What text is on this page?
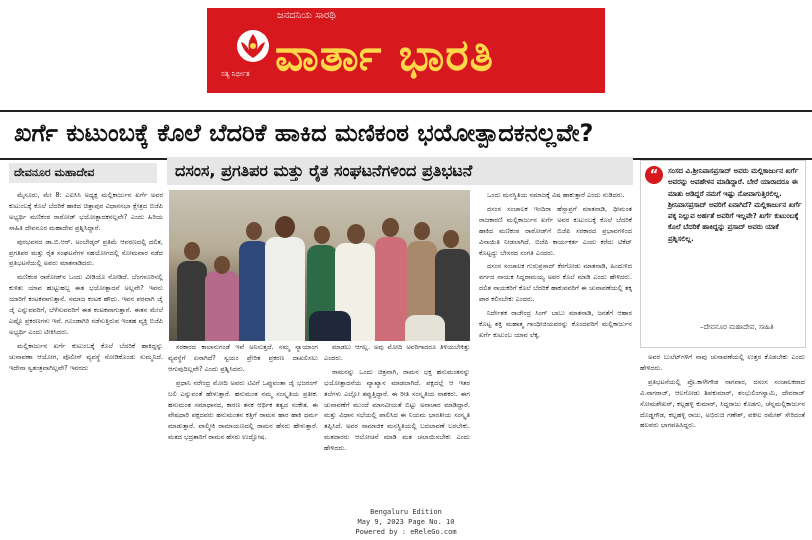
ಸತ್ಯ ನಿರ್ಭೀತ
ಜನದನಿಯ ಸಾರಥಿ
ವಾರ್ತಾ ಭಾರತಿ
ಖರ್ಗೆ ಕುಟುಂಬಕ್ಕೆ ಕೊಲೆ ಬೆದರಿಕೆ ಹಾಕಿದ ಮಣಿಕಂಠ ಭಯೋತ್ಪಾದಕನಲ್ಲವೇ?
ದೇವನೂರ ಮಹಾದೇವ	ದಸಂಸ, ಪ್ರಗತಿಪರ ಮತ್ತು ರೈತ ಸಂಘಟನೆಗಳಿಂದ ಪ್ರತಿಭಟನೆ

ಮೈಸೂರು, ಮೇ 8: ಎಐಸಿಸಿ ಅಧ್ಯಕ್ಷ ಮಲ್ಲಿಕಾರ್ಜುನ ಖರ್ಗೆ ಅವರ ಕುಟುಂಬಕ್ಕೆ ಕೊಲೆ ಬೆದರಿಕೆ ಹಾಕಿದ ಚಿತ್ತಾಪುರ ವಿಧಾನಸಭಾ ಕ್ಷೇತ್ರದ ಬಿಜೆಪಿ ಅಭ್ಯರ್ಥಿ ಮಣಿಕಂಠ ರಾಠೋಡ್ ಭಯೋತ್ಪಾದಕನಲ್ಲವೇ? ಎಂದು ಹಿರಿಯ ಸಾಹಿತಿ ದೇವನೂರ ಮಹಾದೇವ ಪ್ರಶ್ನಿಸಿದ್ದಾರೆ.

ಪುರಭವನದ ಡಾ.ಬಿ.ಆರ್. ಅಂಬೇಡ್ಕರ್ ಪ್ರತಿಮೆ ಆವರಣದಲ್ಲಿ ದಲಿತ, ಪ್ರಗತಿಪರ ಮತ್ತು ರೈತ ಸಂಘಟನೆಗಳ ಸಹಯೋಗದಲ್ಲಿ ಸೋಮವಾರ ನಡೆದ ಪ್ರತಿಭಟನೆಯಲ್ಲಿ ಅವರು ಮಾತನಾಡಿದರು.

ಮಣಿಕಂಠ ರಾಠೋಡ್‌ನ ಒಂದು ವೀಡಿಯೊ ನೋಡಿದೆ. ಬೆಂಗಳೂರಿನಲ್ಲಿ ಕುಳಿತು ಯಾವ ಹುಟ್ಟುಹಬ್ಬ ಈತ ಭಯೋತ್ಪಾದನೆ ಅಲ್ಲವೇ? ಇವನು ಯಾರಿಗೆ ಕಂಟಕವಾಗುತ್ತಾನೆ. ಸಮಾಜ ಕಂಟಕ ಹೌದು. ಇವನ ಪರವಾಗಿ ಜೈ ಜೈ ಎನ್ನುವವರಿಗೆ, ಬೆಳೆಸುವವರಿಗೆ ಈತ ಕಂಟಕವಾಗುತ್ತಾನೆ. ಈತನ ಮೇಲೆ ಎಷ್ಟೊ ಪ್ರಕರಣಗಳು ಇವೆ. ಗೂಂಡಾಗಿರಿ ನಡೆಸುತ್ತಿರುವ ಇಂತಹ ವ್ಯಕ್ತಿ ಬಿಜೆಪಿ ಅಭ್ಯರ್ಥಿ ಎಂದು ಟೀಕಿಸಿದರು.

ಮಲ್ಲಿಕಾರ್ಜುನ ಖರ್ಗೆ ಕುಟುಂಬಕ್ಕೆ ಕೊಲೆ ಬೆದರಿಕೆ ಹಾಕಿದ್ದನ್ನು ಚುನಾವಣಾ ಆಯೋಗ, ಪೊಲೀಸ್ ವ್ಯವಸ್ಥೆ ನೋಡಿಕೊಂಡು ಸುಮ್ಮನಿದೆ. ಇದೇನಾ ಸ್ವತಂತ್ರವಾಗಿಲ್ಲವೇ? ಇವರದು

ಸರಕಾರದ ಕಾಲಾನುಗಂಡೆ ಇವೆ ಅನಿಸುತ್ತದೆ. ನಮ್ಮ ನ್ಯಾಯಾಂಗ ವ್ಯವಸ್ಥೆಗೆ ಏನಾಗಿದೆ? ಸ್ವಯಂ ಪ್ರೇರಿತ ಪ್ರಕರಣ ದಾಖಲಿಸಲು ಆಗುವುದಿಲ್ಲವೇ? ಎಂದು ಪ್ರಶ್ನಿಸಿದರು.

ಪ್ರಧಾನಿ ನರೇಂದ್ರ ಮೋದಿ ಅವರು ಟಿವಿಗೆ ಒಪ್ಪುವಂತಾ ಜೈ ಭಜರಂಗ್ ಬಲಿ ಎನ್ನುವಂತೆ ಹೇಳುತ್ತಾರೆ. ಹನುಮಂತ ನಮ್ಮ ಸಂಸ್ಕೃತಿಯ ಪ್ರತೀಕ. ಹನುಮಂತ ಸಮಾಧಾನದ, ಕಾರಣ ತನಕ ಆರ್ಥಿಕ ತತ್ವದ ಸಂಕೇತ. ಈ ವೇಷಧಾರಿ ಪಕ್ಷದವರು ಹನುಮಂತನ ಕತ್ತಿಗೆ ರಾಮನ ಹಾರ ಹಾಕಿ ಧರ್ಮ ಮಾಡುತ್ತಾರೆ. ವಾಲ್ಮೀಕಿ ರಾಮಾಯಣದಲ್ಲಿ ರಾಮನ ಹೆಸರು ಹೇಳುತ್ತಾರೆ. ಮತದ ಭದ್ರತಾರಿಗೆ ರಾಮನ ಹೆಸರು ಉದ್ಘೋಷ.

ಮಾಡಲು ಆಗಲ್ಲ. ಅವು ಮೋದಿ ಅವರಿಗಾದರೂ ತಿಳಿಯಬೇಕಿತ್ತು ಎಂದರು.

ರಾಮನನ್ನು ಒಂದು ಚಿತ್ರವಾಗಿ, ರಾಮನ ಭಕ್ತ ಹನುಮಂತನನ್ನು ಭಯೋತ್ಪಾದನೆಯ ವ್ಯಾಖ್ಯಾನ ಮಾಡಲಾಗಿದೆ. ಪಕ್ಷದಲ್ಲೆ ಆ ಇತರ ತಲೆಗಳು ಎಲ್ಲೋ ತಪ್ಪುತ್ತಿದ್ದಾರೆ. ಈ ರೀತಿ ಸಂಸ್ಕೃತಿಯ ನಾಶಕರು. ಈಗ ಚುನಾವಣೆಗೆ ಮುಂದೆ ಮಾನವೀಯತೆ ಬಿಟ್ಟು ಅನಾಚಾರ ಮಾಡಿದ್ದಾರೆ. ಮತ್ತು ವಿಧಾನ ಸಭೆಯಲ್ಲಿ ಪಾಲಿಸಿದ ಈ ನಿಯಮ ಭಾರತೀಯ ಸಂಸ್ಕೃತಿ ತಪ್ಪಿಸಿದೆ. ಅವರ ಸಾಮಾಜಿಕ ಮನಸ್ಥಿತಿಯಲ್ಲಿ ಬದಲಾವಣೆ ಬರಬೇಕು. ಮತದಾರರು ಆಲೋಚನೆ ಮಾಡಿ ಮತ ಚಲಾಯಿಸಬೇಕು ಎಂದು ಹೇಳಿದರು.

ಒಂದು ಮನಸ್ಥಿತಿಯ ಸಮಾಜಕ್ಕೆ ವಿಷ ಹಾಕುತ್ತಾರೆ ಎಂದು ನುಡಿದರು.

ದಸಂಸ ಸಂಚಾಲಕ ಇಂದಿರಾ ಹೆಸ್ಸಾಪ್ರಗೆ ಮಾತನಾಡಿ, ಧೀಮಂತ ರಾಜಕಾರಣಿ ಮಲ್ಲಿಕಾರ್ಜುನ ಖರ್ಗೆ ಅವರ ಕುಟುಂಬಕ್ಕೆ ಕೊಲೆ ಬೆದರಿಕೆ ಹಾಕಿದ ಮಣಿಕಂಠ ರಾಠೋಡ್‌ಗೆ ಬಿಜೆಪಿ ಸರಕಾರದ ಪ್ರಭಾವಗಳಿಂದ ವಿನಾಯಿತಿ ನೀಡಲಾಗಿದೆ. ಬಿಜೆಪಿ ಕಾರ್ಯಕರ್ತ ಎಂದು ಕರೆದು ಟಿಕೆಟ್ ಕೊಟ್ಟದ್ದು ಬೇಸರದ ಸಂಗತಿ ಎಂದರು.

ದಸಂಸ ಸಂಚಾಲಕ ಗುರುಪ್ರಸಾದ್ ಕೆರಗೋಡು ಮಾತನಾಡಿ, ಹಿಂದುಳಿದ ವರ್ಗದ ನಾಯಕ ಸಿದ್ದರಾಮಯ್ಯ ಅವರ ಕೊಲೆ ಮಾಡಿ ಎಂದು ಹೇಳಿದರು. ದಲಿತ ನಾಯಕರಿಗೆ ಕೊಲೆ ಬೆದರಿಕೆ ಹಾಕುವವರಿಗೆ ಈ ಚುನಾವಣೆಯಲ್ಲಿ ತಕ್ಕ ಪಾಠ ಕಲಿಸಬೇಕು ಎಂದರು.

ನಿರ್ದೇಶಕ ರಾಜೇಂದ್ರ ಸಿಂಗ್ ಬಾಬು ಮಾತನಾಡಿ, ಜನತೆಗೆ ಆಹಾರ ಕೊಟ್ಟ ಶಕ್ತಿ ಮಹಾತ್ಮ ಗಾಂಧೀಜಿಯವರನ್ನು ಕೊಂದವರಿಗೆ ಮಲ್ಲಿಕಾರ್ಜುನ ಖರ್ಗೆ ಕುಟುಂಬ ಯಾವ ಲೆಕ್ಕ.

“	ಸಂಸದ ವಿ.ಶ್ರೀನಿವಾಸಪ್ರಸಾದ್ ಅವರು ಮಲ್ಲಿಕಾರ್ಜುನ ಖರ್ಗೆ ಅವರನ್ನು ಅವಹೇಳನ ಮಾಡಿದ್ದಾರೆ. ಬೇರೆ ಯಾರಾದರೂ ಈ ಮಾತು ಆಡಿದ್ದರೆ ನಮಗೆ ಇಷ್ಟು ನೋವಾಗುತ್ತಿರಲಿಲ್ಲ. ಶ್ರೀನಿವಾಸಪ್ರಸಾದ್ ಅವರಿಗೆ ಏನಾಗಿದೆ? ಮಲ್ಲಿಕಾರ್ಜುನ ಖರ್ಗೆ ಪಕ್ಕ ನಿಲ್ಲುವ ಅರ್ಹತೆ ಅವರಿಗೆ ಇಲ್ಲವೇ? ಖರ್ಗೆ ಕುಟುಂಬಕ್ಕೆ ಕೊಲೆ ಬೆದರಿಕೆ ಹಾಕಿದ್ದನ್ನು ಪ್ರಸಾದ್ ಅವರು ಯಾಕೆ ಪ್ರಶ್ನಿಸಲಿಲ್ಲ.
–ದೇವನೂರ ಮಹಾದೇವ, ಸಾಹಿತಿ

ಅವರ ಬುಲೆಟ್‌ಗಳಿಗೆ ನಾವು ಚುನಾವಣೆಯಲ್ಲಿ ಉತ್ತರ ಕೊಡಬೇಕು ಎಂದು ಹೇಳಿದರು.

ಪ್ರತಿಭಟನೆಯಲ್ಲಿ ಪ್ರೊ.ಕಾಳೇಗೌಡ ನಾಗವಾರ, ದಸಂಸ ಸಂಚಾಲಕರಾದ ವಿ.ನಾಗರಾಜ್, ಆಲಗೋಡು ಶಿವಕುಮಾರ್, ಶಂಭುಲಿಂಗಸ್ವಾಮಿ, ದೇವರಾಜ್ ಸೋಮಶೇಖರ್, ಕಲ್ಲಹಳ್ಳಿ ಕುಮಾರ್, ಸಿದ್ದರಾಜು ಕೊಡಗು, ಚೆನ್ನಮಲ್ಲಿಕಾರ್ಜುನ ದೊಡ್ಡಗೌಡ, ಕಲ್ಲಹಳ್ಳಿ ರಾಜು, ಅಭಿರುಚಿ ಗಣೇಶ್, ವಕೀಲ ರಮೇಶ್ ಸೇರಿದಂತೆ ಹಲವರು ಭಾಗವಹಿಸಿದ್ದರು.

Bengaluru Edition
May 9, 2023 Page No. 10
Powered by : eReleGo.com
